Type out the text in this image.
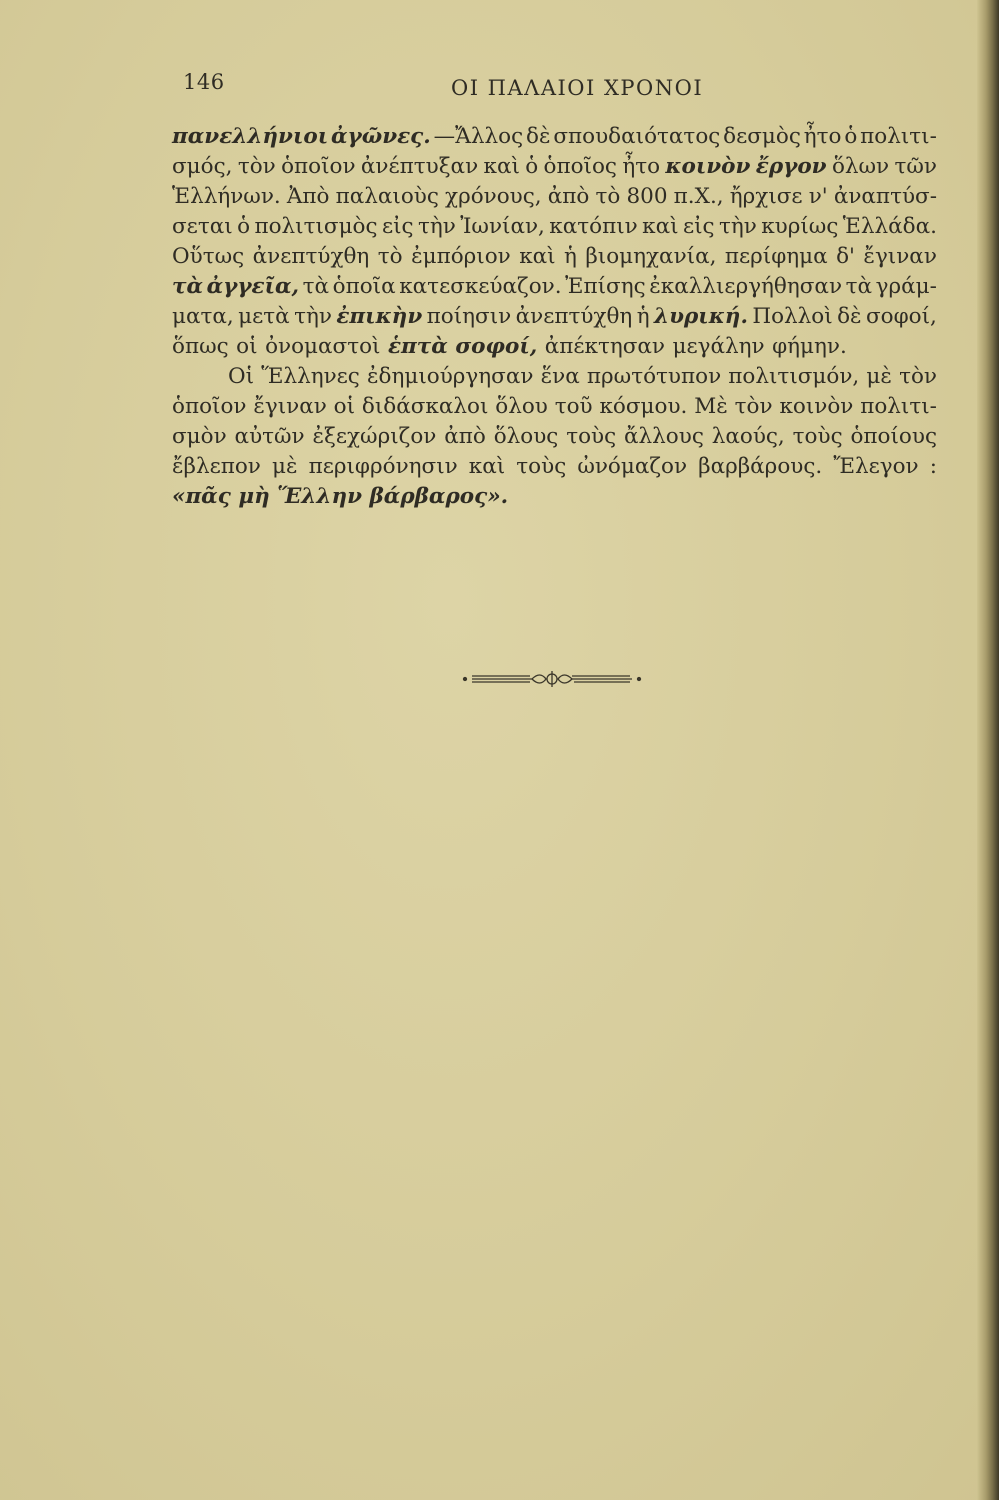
146	ΟΙ ΠΑΛΑΙΟΙ ΧΡΟΝΟΙ
πανελλήνιοι ἀγῶνες. —Ἄλλος δὲ σπουδαιότατος δεσμὸς ἦτο ὁ πολιτι-
σμός, τὸν ὁποῖον ἀνέπτυξαν καὶ ὁ ὁποῖος ἦτο κοινὸν ἔργον ὅλων τῶν
Ἑλλήνων. Ἀπὸ παλαιοὺς χρόνους, ἀπὸ τὸ 800 π.Χ., ἤρχισε ν' ἀναπτύσ-
σεται ὁ πολιτισμὸς εἰς τὴν Ἰωνίαν, κατόπιν καὶ εἰς τὴν κυρίως Ἑλλάδα.
Οὕτως ἀνεπτύχθη τὸ ἐμπόριον καὶ ἡ βιομηχανία, περίφημα δ' ἔγιναν
τὰ ἀγγεῖα, τὰ ὁποῖα κατεσκεύαζον. Ἐπίσης ἐκαλλιεργήθησαν τὰ γράμ-
ματα, μετὰ τὴν ἐπικὴν ποίησιν ἀνεπτύχθη ἡ λυρική. Πολλοὶ δὲ σοφοί,
ὅπως οἱ ὀνομαστοὶ ἑπτὰ σοφοί, ἀπέκτησαν μεγάλην φήμην.
Οἱ Ἕλληνες ἐδημιούργησαν ἕνα πρωτότυπον πολιτισμόν, μὲ τὸν
ὁποῖον ἔγιναν οἱ διδάσκαλοι ὅλου τοῦ κόσμου. Μὲ τὸν κοινὸν πολιτι-
σμὸν αὐτῶν ἐξεχώριζον ἀπὸ ὅλους τοὺς ἄλλους λαούς, τοὺς ὁποίους
ἔβλεπον μὲ περιφρόνησιν καὶ τοὺς ὠνόμαζον βαρβάρους. Ἔλεγον :
«πᾶς μὴ Ἕλλην βάρβαρος».
